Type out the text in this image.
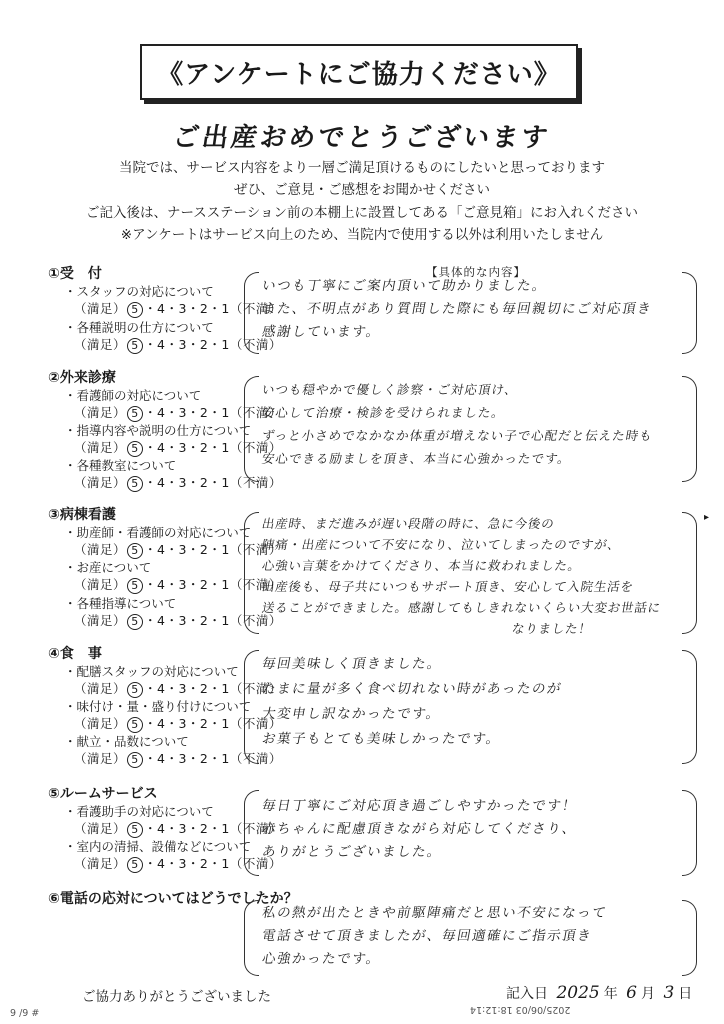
《アンケートにご協力ください》
ご出産おめでとうございます
当院では、サービス内容をより一層ご満足頂けるものにしたいと思っております
ぜひ、ご意見・ご感想をお聞かせください
ご記入後は、ナースステーション前の本棚上に設置してある「ご意見箱」にお入れください
※アンケートはサービス向上のため、当院内で使用する以外は利用いたしません
【具体的な内容】
①受　付
・スタッフの対応について
（満足） 5 ・4・3・2・1（不満）
・各種説明の仕方について
（満足） 5 ・4・3・2・1（不満）
いつも丁寧にご案内頂いて助かりました。
また、不明点があり質問した際にも毎回親切にご対応頂き
感謝しています。
②外来診療
・看護師の対応について
（満足） 5 ・4・3・2・1（不満）
・指導内容や説明の仕方について
（満足） 5 ・4・3・2・1（不満）
・各種教室について
（満足） 5 ・4・3・2・1（不満）
いつも穏やかで優しく診察・ご対応頂け、
安心して治療・検診を受けられました。
ずっと小さめでなかなか体重が増えない子で心配だと伝えた時も
安心できる励ましを頂き、本当に心強かったです。
③病棟看護
・助産師・看護師の対応について
（満足） 5 ・4・3・2・1（不満）
・お産について
（満足） 5 ・4・3・2・1（不満）
・各種指導について
（満足） 5 ・4・3・2・1（不満）
出産時、まだ進みが遅い段階の時に、急に今後の
陣痛・出産について不安になり、泣いてしまったのですが、
心強い言葉をかけてくださり、本当に救われました。
出産後も、母子共にいつもサポート頂き、安心して入院生活を
送ることができました。感謝してもしきれないくらい大変お世話に
なりました！
▸
④食　事
・配膳スタッフの対応について
（満足） 5 ・4・3・2・1（不満）
・味付け・量・盛り付けについて
（満足） 5 ・4・3・2・1（不満）
・献立・品数について
（満足） 5 ・4・3・2・1（不満）
毎回美味しく頂きました。
たまに量が多く食べ切れない時があったのが
大変申し訳なかったです。
お菓子もとても美味しかったです。
⑤ルームサービス
・看護助手の対応について
（満足） 5 ・4・3・2・1（不満）
・室内の清掃、設備などについて
（満足） 5 ・4・3・2・1（不満）
毎日丁寧にご対応頂き過ごしやすかったです！
赤ちゃんに配慮頂きながら対応してくださり、
ありがとうございました。
⑥電話の応対についてはどうでしたか？
私の熱が出たときや前駆陣痛だと思い不安になって
電話させて頂きましたが、毎回適確にご指示頂き
心強かったです。
ご協力ありがとうございました	記入日 2025 年 6 月 3 日
2025/06/03 18:12:14
9 /9 #
